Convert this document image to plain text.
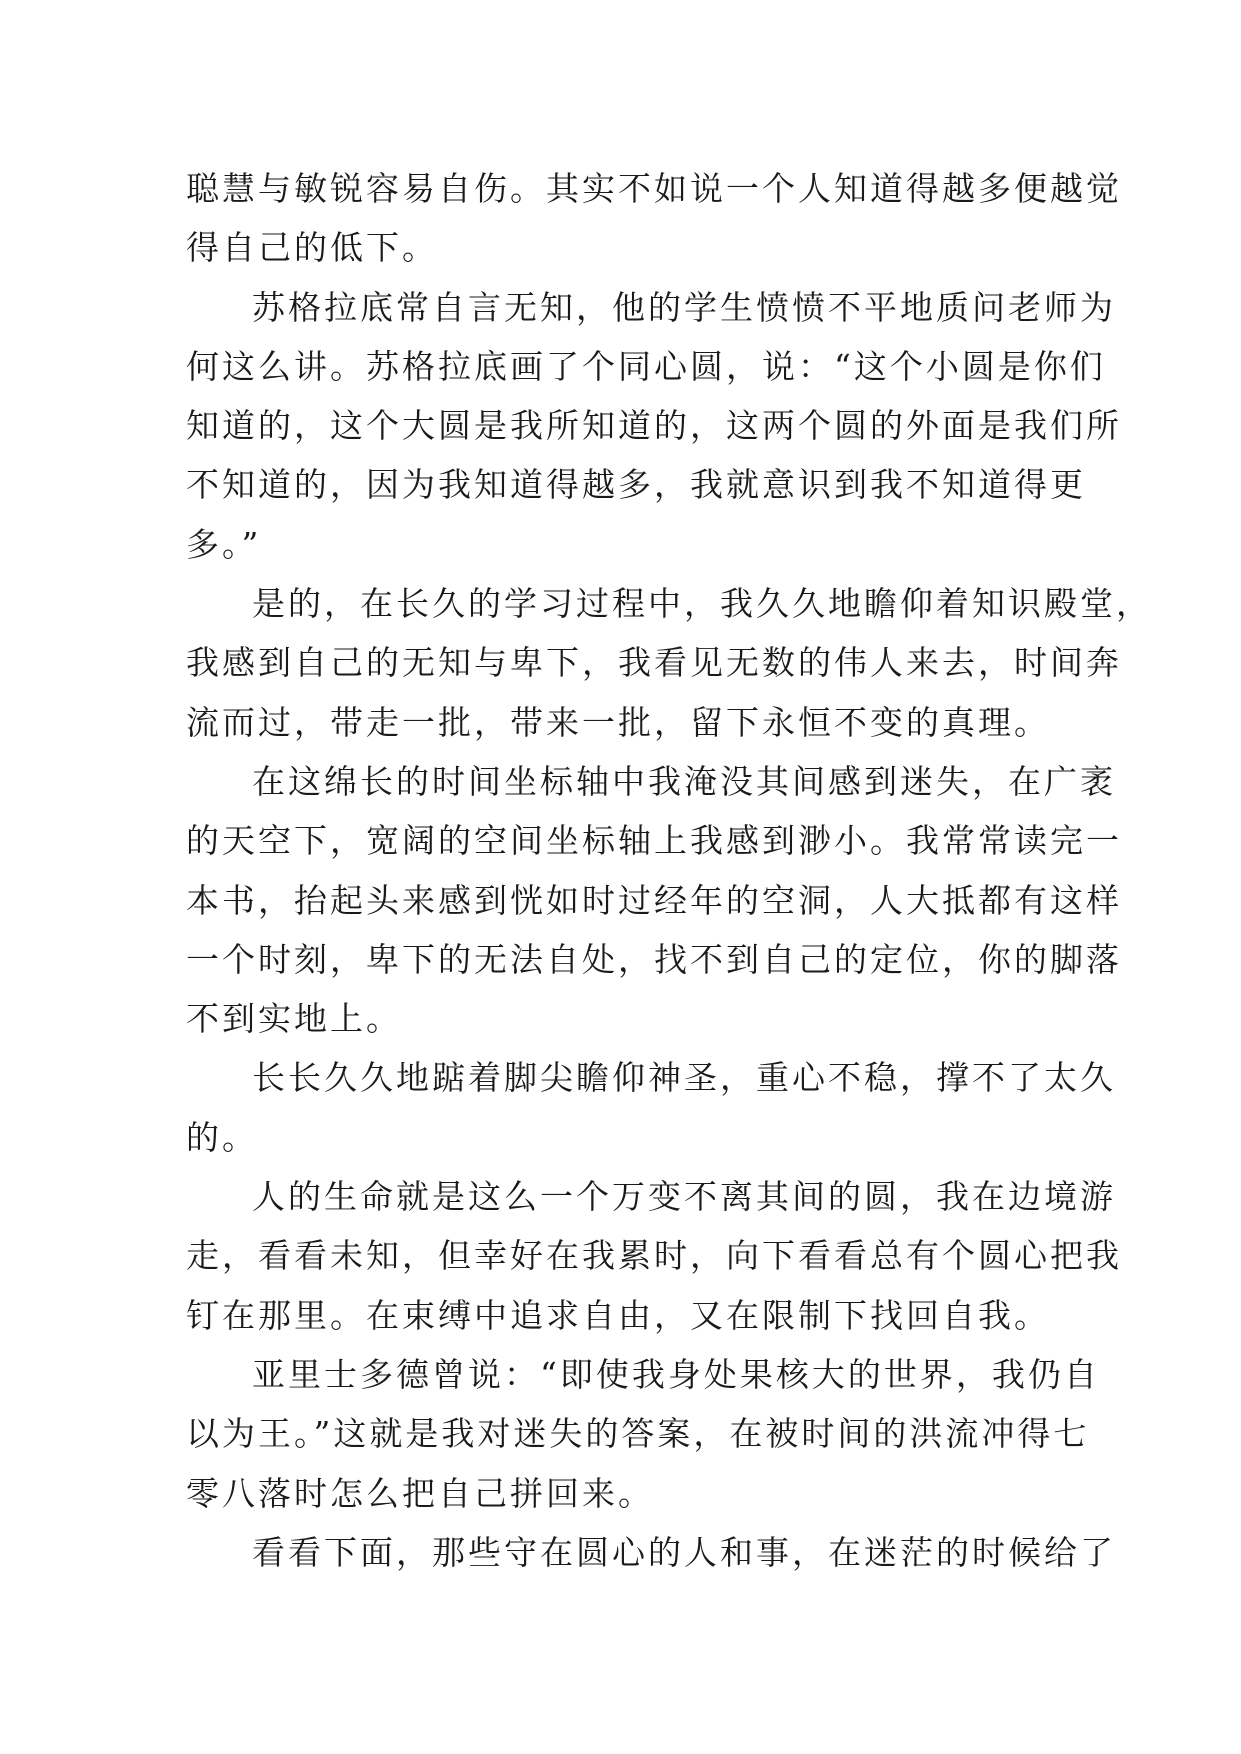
聪慧与敏锐容易自伤。其实不如说一个人知道得越多便越觉
得自己的低下。
苏格拉底常自言无知，他的学生愤愤不平地质问老师为
何这么讲。苏格拉底画了个同心圆，说：“这个小圆是你们
知道的，这个大圆是我所知道的，这两个圆的外面是我们所
不知道的，因为我知道得越多，我就意识到我不知道得更
多。”
是的，在长久的学习过程中，我久久地瞻仰着知识殿堂，
我感到自己的无知与卑下，我看见无数的伟人来去，时间奔
流而过，带走一批，带来一批，留下永恒不变的真理。
在这绵长的时间坐标轴中我淹没其间感到迷失，在广袤
的天空下，宽阔的空间坐标轴上我感到渺小。我常常读完一
本书，抬起头来感到恍如时过经年的空洞，人大抵都有这样
一个时刻，卑下的无法自处，找不到自己的定位，你的脚落
不到实地上。
长长久久地踮着脚尖瞻仰神圣，重心不稳，撑不了太久
的。
人的生命就是这么一个万变不离其间的圆，我在边境游
走，看看未知，但幸好在我累时，向下看看总有个圆心把我
钉在那里。在束缚中追求自由，又在限制下找回自我。
亚里士多德曾说：“即使我身处果核大的世界，我仍自
以为王。”这就是我对迷失的答案，在被时间的洪流冲得七
零八落时怎么把自己拼回来。
看看下面，那些守在圆心的人和事，在迷茫的时候给了
